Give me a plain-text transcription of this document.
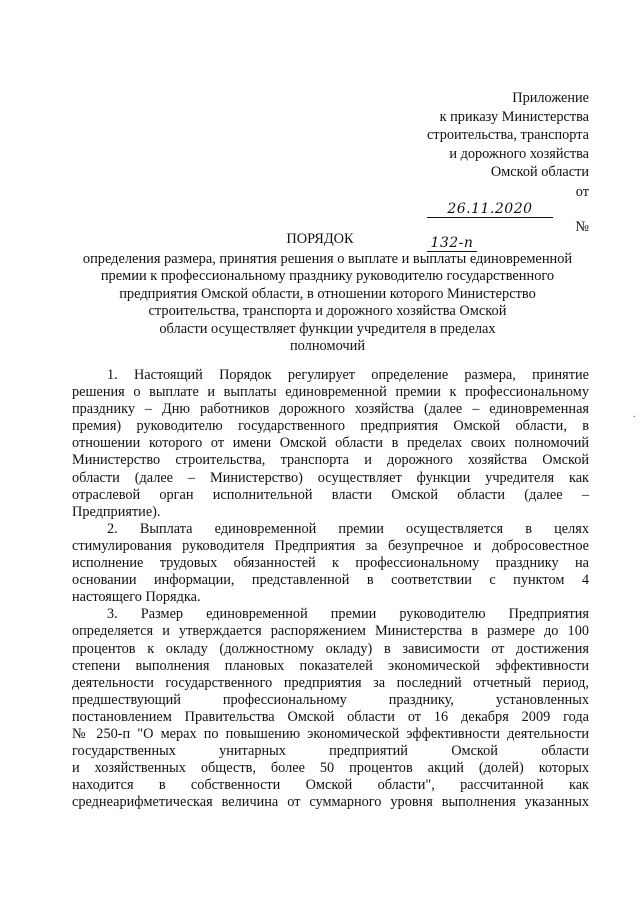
Приложение
к приказу Министерства
строительства, транспорта
и дорожного хозяйства
Омской области
от
26.11.2020
№
132-п
ПОРЯДОК
определения размера, принятия решения о выплате и выплаты единовременной
премии к профессиональному празднику руководителю государственного
предприятия Омской области, в отношении которого Министерство
строительства, транспорта и дорожного хозяйства Омской
области осуществляет функции учредителя в пределах
полномочий

1. Настоящий Порядок регулирует определение размера, принятие
решения о выплате и выплаты единовременной премии к профессиональному
празднику – Дню работников дорожного хозяйства (далее – единовременная
премия) руководителю государственного предприятия Омской области, в
отношении которого от имени Омской области в пределах своих полномочий
Министерство строительства, транспорта и дорожного хозяйства Омской
области (далее – Министерство) осуществляет функции учредителя как
отраслевой орган исполнительной власти Омской области (далее –
Предприятие).

2. Выплата единовременной премии осуществляется в целях
стимулирования руководителя Предприятия за безупречное и добросовестное
исполнение трудовых обязанностей к профессиональному празднику на
основании информации, представленной в соответствии с пунктом 4
настоящего Порядка.

3. Размер единовременной премии руководителю Предприятия
определяется и утверждается распоряжением Министерства в размере до 100
процентов к окладу (должностному окладу) в зависимости от достижения
степени выполнения плановых показателей экономической эффективности
деятельности государственного предприятия за последний отчетный период,
предшествующий профессиональному празднику, установленных
постановлением Правительства Омской области от 16 декабря 2009 года
№ 250-п "О мерах по повышению экономической эффективности деятельности
государственных унитарных предприятий Омской области
и хозяйственных обществ, более 50 процентов акций (долей) которых
находится в собственности Омской области", рассчитанной как
среднеарифметическая величина от суммарного уровня выполнения указанных

·
